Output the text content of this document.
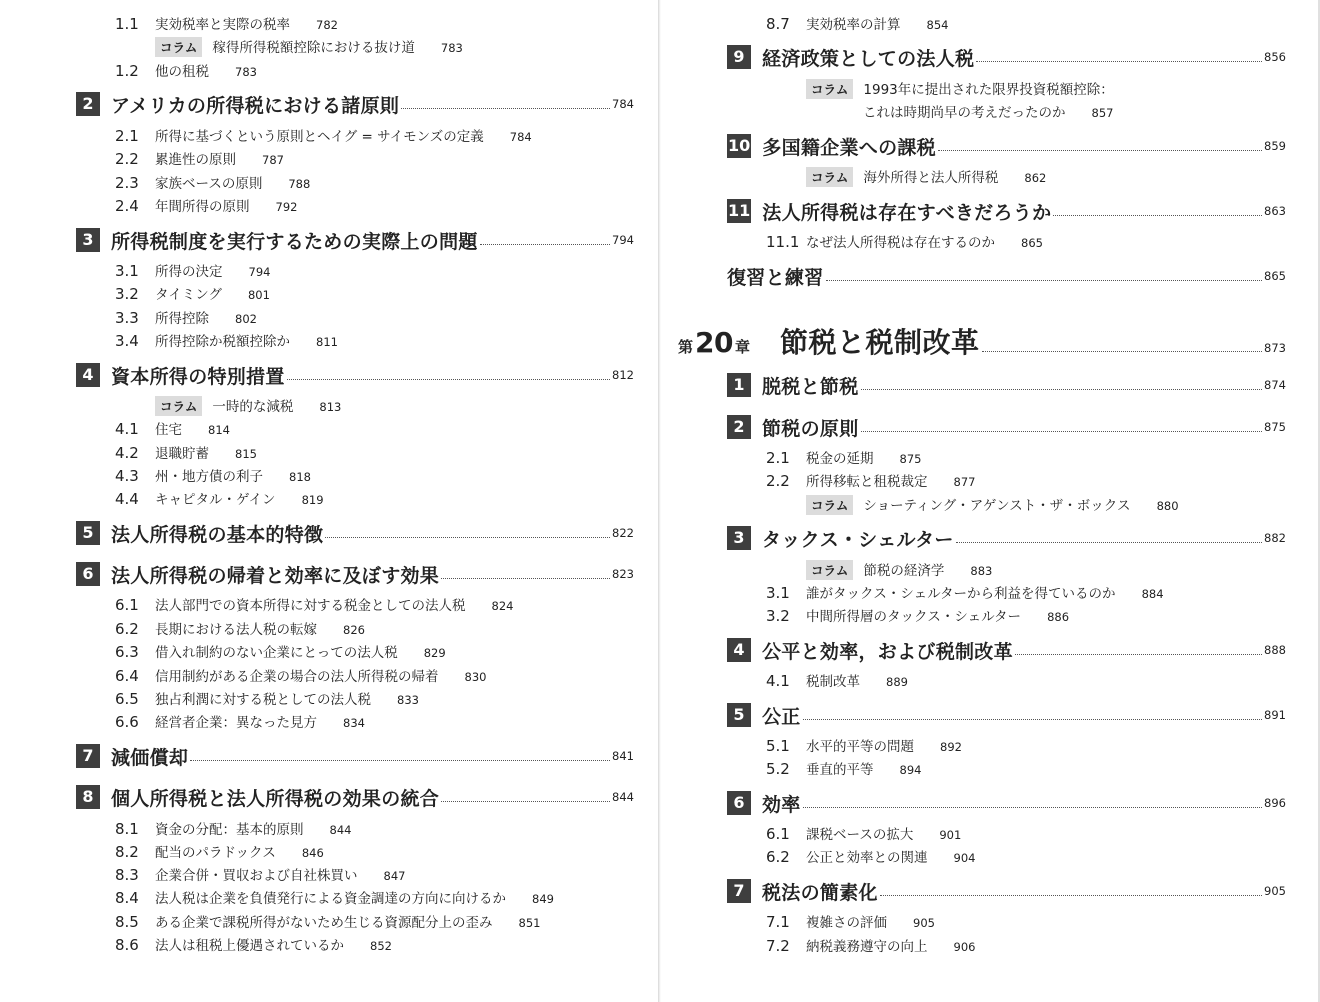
1.1 実効税率と実際の税率 782
コラム	稼得所得税額控除における抜け道 783
1.2 他の租税 783
2 アメリカの所得税における諸原則	784
2.1 所得に基づくという原則とヘイグ = サイモンズの定義 784
2.2 累進性の原則 787
2.3 家族ベースの原則 788
2.4 年間所得の原則 792
3 所得税制度を実行するための実際上の問題	794
3.1 所得の決定 794
3.2 タイミング 801
3.3 所得控除 802
3.4 所得控除か税額控除か 811
4 資本所得の特別措置	812
コラム	一時的な減税 813
4.1 住宅 814
4.2 退職貯蓄 815
4.3 州・地方債の利子 818
4.4 キャピタル・ゲイン 819
5 法人所得税の基本的特徴	822
6 法人所得税の帰着と効率に及ぼす効果	823
6.1 法人部門での資本所得に対する税金としての法人税 824
6.2 長期における法人税の転嫁 826
6.3 借入れ制約のない企業にとっての法人税 829
6.4 信用制約がある企業の場合の法人所得税の帰着 830
6.5 独占利潤に対する税としての法人税 833
6.6 経営者企業：異なった見方 834
7 減価償却	841
8 個人所得税と法人所得税の効果の統合	844
8.1 資金の分配：基本的原則 844
8.2 配当のパラドックス 846
8.3 企業合併・買収および自社株買い 847
8.4 法人税は企業を負債発行による資金調達の方向に向けるか 849
8.5 ある企業で課税所得がないため生じる資源配分上の歪み 851
8.6 法人は租税上優遇されているか 852
8.7 実効税率の計算 854
9 経済政策としての法人税	856
コラム	1993年に提出された限界投資税額控除：
これは時期尚早の考えだったのか 857
10 多国籍企業への課税	859
コラム	海外所得と法人所得税 862
11 法人所得税は存在すべきだろうか	863
11.1 なぜ法人所得税は存在するのか 865
復習と練習	865
第 20 章 節税と税制改革	873
1 脱税と節税	874
2 節税の原則	875
2.1 税金の延期 875
2.2 所得移転と租税裁定 877
コラム	ショーティング・アゲンスト・ザ・ボックス 880
3 タックス・シェルター	882
コラム	節税の経済学 883
3.1 誰がタックス・シェルターから利益を得ているのか 884
3.2 中間所得層のタックス・シェルター 886
4 公平と効率，および税制改革	888
4.1 税制改革 889
5 公正	891
5.1 水平的平等の問題 892
5.2 垂直的平等 894
6 効率	896
6.1 課税ベースの拡大 901
6.2 公正と効率との関連 904
7 税法の簡素化	905
7.1 複雑さの評価 905
7.2 納税義務遵守の向上 906
